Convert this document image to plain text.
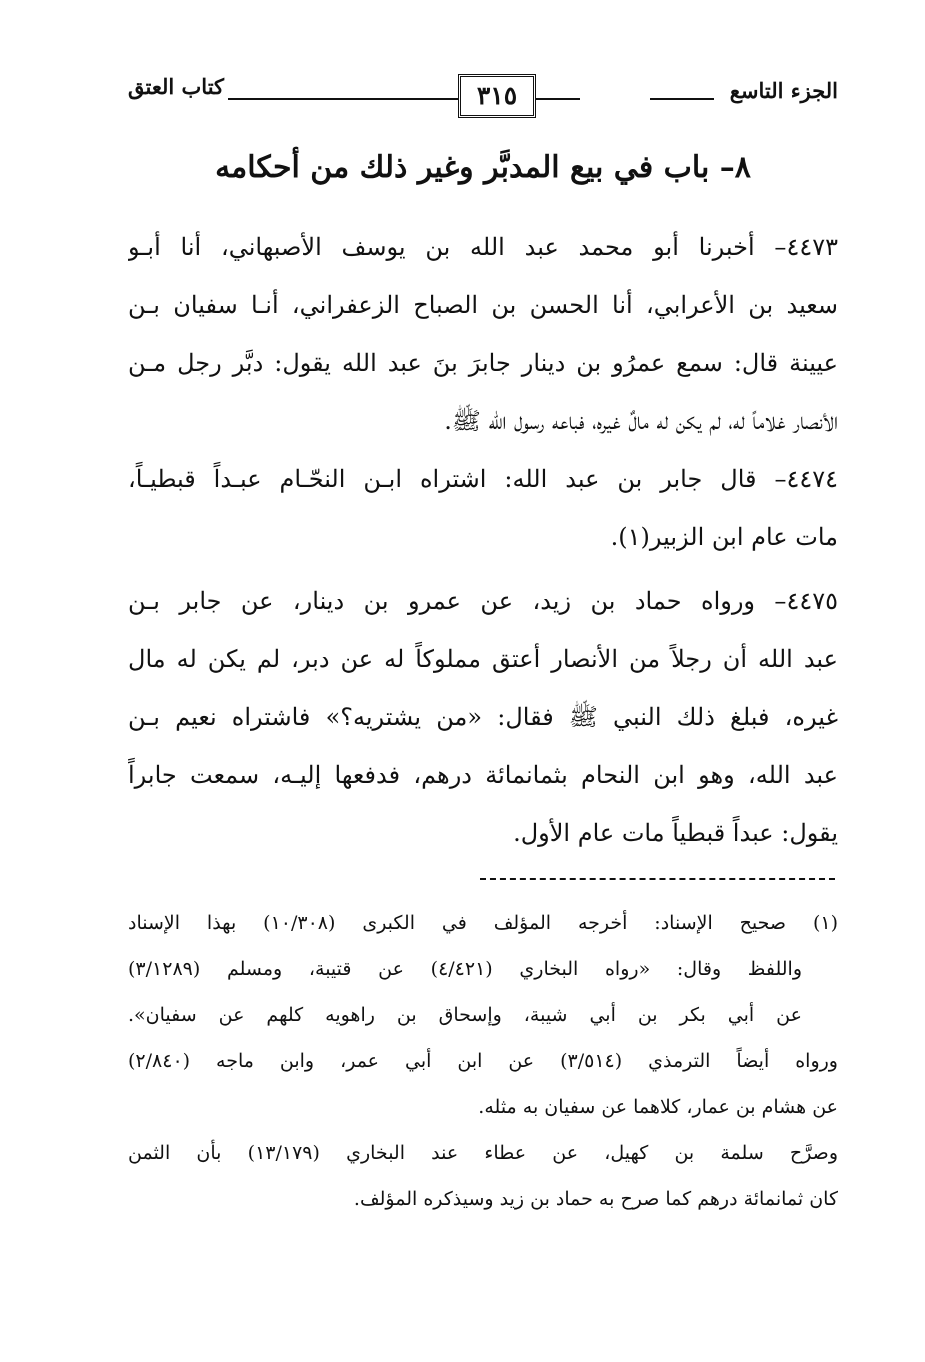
كتاب العتق	٣١٥	الجزء التاسع
٨– باب في بيع المدبَّر وغير ذلك من أحكامه
٤٤٧٣– أخبرنا أبو محمد عبد الله بن يوسف الأصبهاني، أنا أبـو
سعيد بن الأعرابي، أنا الحسن بن الصباح الزعفراني، أنـا سفيان بـن
عيينة قال: سمع عمرُو بن دينار جابرَ بنَ عبد الله يقول: دبَّر رجل مـن
الأنصار غلاماً له، لم يكن له مالٌ غيره، فباعه رسول الله ﷺ.
٤٤٧٤– قال جابر بن عبد الله: اشتراه ابـن النحّـام عبـداً قبطيـاً،
مات عام ابن الزبير(١).
٤٤٧٥– ورواه حماد بن زيد، عن عمرو بن دينار، عن جابر بـن
عبد الله أن رجلاً من الأنصار أعتق مملوكاً له عن دبر، لم يكن له مال
غيره، فبلغ ذلك النبي ﷺ فقال: «من يشتريه؟» فاشتراه نعيم بـن
عبد الله، وهو ابن النحام بثمانمائة درهم، فدفعها إليـه، سمعت جابراً
يقول: عبداً قبطياً مات عام الأول.
(١) صحيح الإسناد: أخرجه المؤلف في الكبرى (١٠/٣٠٨) بهذا الإسناد
واللفظ وقال: «رواه البخاري (٤/٤٢١) عن قتيبة، ومسلم (٣/١٢٨٩)
عن أبي بكر بن أبي شيبة، وإسحاق بن راهويه كلهم عن سفيان».
ورواه أيضاً الترمذي (٣/٥١٤) عن ابن أبي عمر، وابن ماجه (٢/٨٤٠)
عن هشام بن عمار، كلاهما عن سفيان به مثله.
وصرَّح سلمة بن كهيل، عن عطاء عند البخاري (١٣/١٧٩) بأن الثمن
كان ثمانمائة درهم كما صرح به حماد بن زيد وسيذكره المؤلف.
